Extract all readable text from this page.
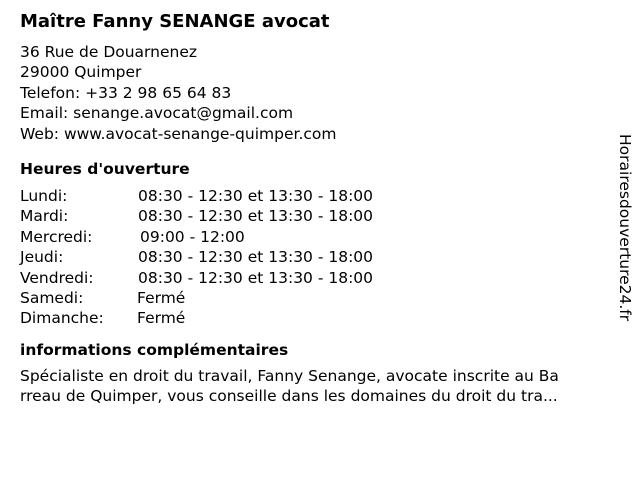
Maître Fanny SENANGE avocat
36 Rue de Douarnenez
29000 Quimper
Telefon: +33 2 98 65 64 83
Email: senange.avocat@gmail.com
Web: www.avocat-senange-quimper.com
Heures d'ouverture
Lundi:	08:30 - 12:30 et 13:30 - 18:00
Mardi:	08:30 - 12:30 et 13:30 - 18:00
Mercredi:	09:00 - 12:00
Jeudi:	08:30 - 12:30 et 13:30 - 18:00
Vendredi:	08:30 - 12:30 et 13:30 - 18:00
Samedi:	Fermé
Dimanche:	Fermé
informations complémentaires
Spécialiste en droit du travail, Fanny Senange, avocate inscrite au Ba
rreau de Quimper, vous conseille dans les domaines du droit du tra...
Horairesdouverture24.fr
